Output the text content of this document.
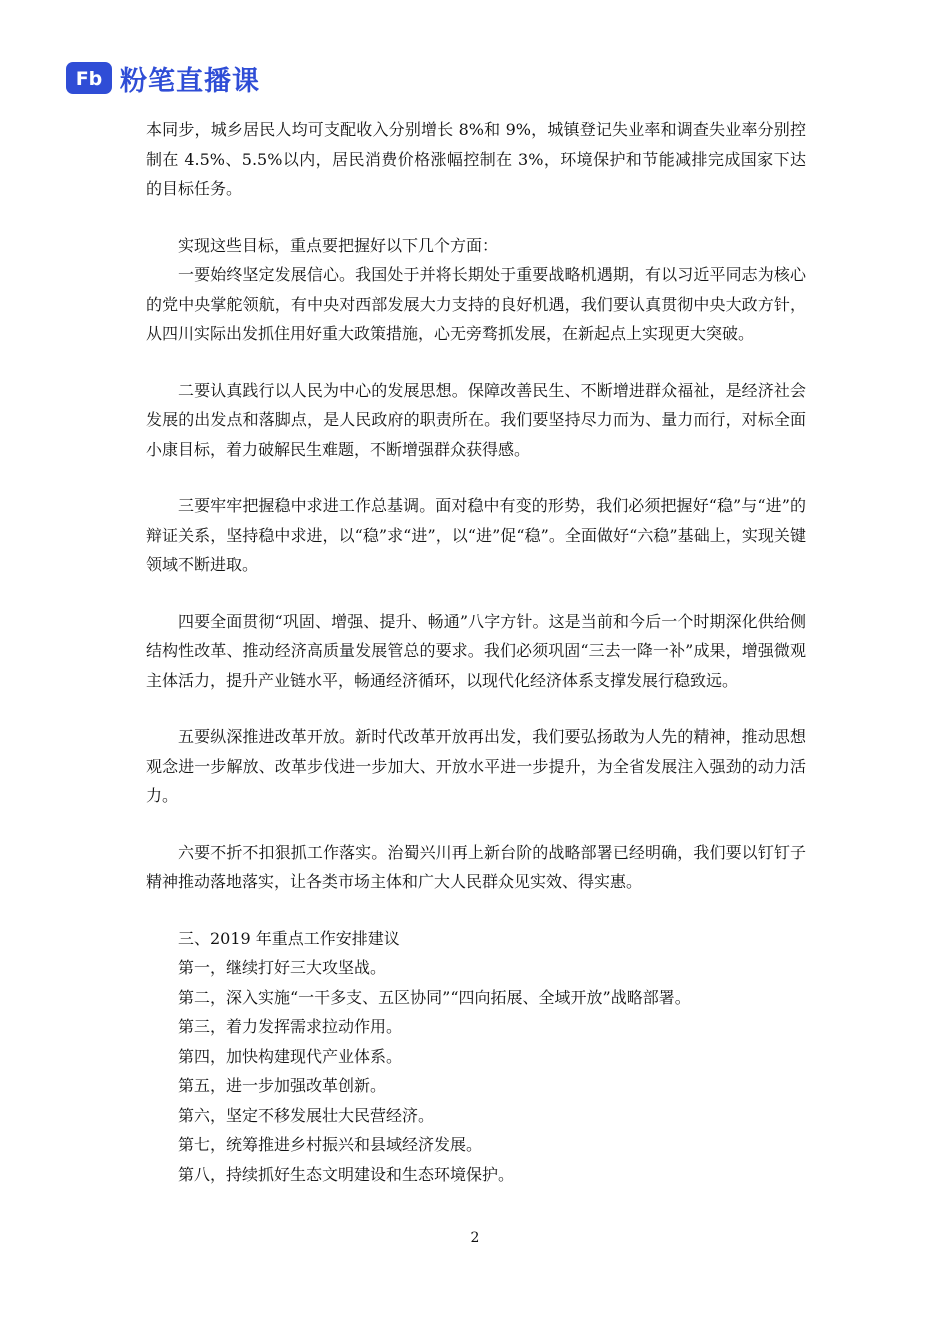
Fb 粉笔直播课

本同步，城乡居民人均可支配收入分别增长 8%和 9%，城镇登记失业率和调查失业率分别控制在 4.5%、5.5%以内，居民消费价格涨幅控制在 3%，环境保护和节能减排完成国家下达的目标任务。

实现这些目标，重点要把握好以下几个方面：

一要始终坚定发展信心。我国处于并将长期处于重要战略机遇期，有以习近平同志为核心的党中央掌舵领航，有中央对西部发展大力支持的良好机遇，我们要认真贯彻中央大政方针，从四川实际出发抓住用好重大政策措施，心无旁骛抓发展，在新起点上实现更大突破。

二要认真践行以人民为中心的发展思想。保障改善民生、不断增进群众福祉，是经济社会发展的出发点和落脚点，是人民政府的职责所在。我们要坚持尽力而为、量力而行，对标全面小康目标，着力破解民生难题，不断增强群众获得感。

三要牢牢把握稳中求进工作总基调。面对稳中有变的形势，我们必须把握好“稳”与“进”的辩证关系，坚持稳中求进，以“稳”求“进”，以“进”促“稳”。全面做好“六稳”基础上，实现关键领域不断进取。

四要全面贯彻“巩固、增强、提升、畅通”八字方针。这是当前和今后一个时期深化供给侧结构性改革、推动经济高质量发展管总的要求。我们必须巩固“三去一降一补”成果，增强微观主体活力，提升产业链水平，畅通经济循环，以现代化经济体系支撑发展行稳致远。

五要纵深推进改革开放。新时代改革开放再出发，我们要弘扬敢为人先的精神，推动思想观念进一步解放、改革步伐进一步加大、开放水平进一步提升，为全省发展注入强劲的动力活力。

六要不折不扣狠抓工作落实。治蜀兴川再上新台阶的战略部署已经明确，我们要以钉钉子精神推动落地落实，让各类市场主体和广大人民群众见实效、得实惠。

三、2019 年重点工作安排建议

第一，继续打好三大攻坚战。

第二，深入实施“一干多支、五区协同”“四向拓展、全域开放”战略部署。

第三，着力发挥需求拉动作用。

第四，加快构建现代产业体系。

第五，进一步加强改革创新。

第六，坚定不移发展壮大民营经济。

第七，统筹推进乡村振兴和县域经济发展。

第八，持续抓好生态文明建设和生态环境保护。

2
